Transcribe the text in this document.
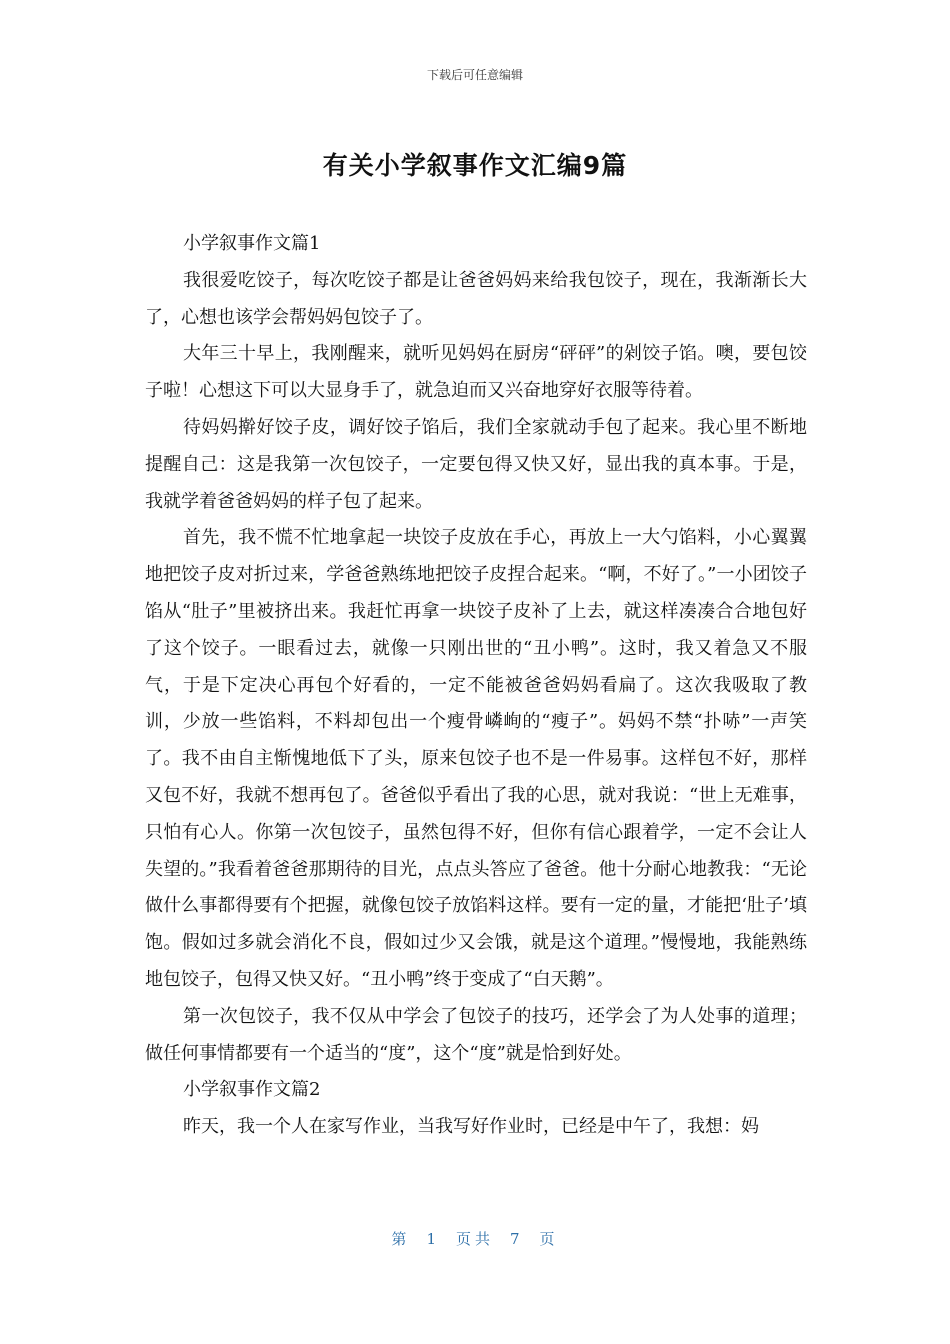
下载后可任意编辑
有关小学叙事作文汇编9篇

小学叙事作文篇1

我很爱吃饺子，每次吃饺子都是让爸爸妈妈来给我包饺子，现在，我渐渐长大了，心想也该学会帮妈妈包饺子了。

大年三十早上，我刚醒来，就听见妈妈在厨房“砰砰”的剁饺子馅。噢，要包饺子啦！心想这下可以大显身手了，就急迫而又兴奋地穿好衣服等待着。

待妈妈擀好饺子皮，调好饺子馅后，我们全家就动手包了起来。我心里不断地提醒自己：这是我第一次包饺子，一定要包得又快又好，显出我的真本事。于是，我就学着爸爸妈妈的样子包了起来。

首先，我不慌不忙地拿起一块饺子皮放在手心，再放上一大勺馅料，小心翼翼地把饺子皮对折过来，学爸爸熟练地把饺子皮捏合起来。“啊，不好了。”一小团饺子馅从“肚子”里被挤出来。我赶忙再拿一块饺子皮补了上去，就这样凑凑合合地包好了这个饺子。一眼看过去，就像一只刚出世的“丑小鸭”。这时，我又着急又不服气，于是下定决心再包个好看的，一定不能被爸爸妈妈看扁了。这次我吸取了教训，少放一些馅料，不料却包出一个瘦骨嶙峋的“瘦子”。妈妈不禁“扑哧”一声笑了。我不由自主惭愧地低下了头，原来包饺子也不是一件易事。这样包不好，那样又包不好，我就不想再包了。爸爸似乎看出了我的心思，就对我说：“世上无难事，只怕有心人。你第一次包饺子，虽然包得不好，但你有信心跟着学，一定不会让人失望的。”我看着爸爸那期待的目光，点点头答应了爸爸。他十分耐心地教我：“无论做什么事都得要有个把握，就像包饺子放馅料这样。要有一定的量，才能把‘肚子’填饱。假如过多就会消化不良，假如过少又会饿，就是这个道理。”慢慢地，我能熟练地包饺子，包得又快又好。“丑小鸭”终于变成了“白天鹅”。

第一次包饺子，我不仅从中学会了包饺子的技巧，还学会了为人处事的道理；做任何事情都要有一个适当的“度”，这个“度”就是恰到好处。

小学叙事作文篇2

昨天，我一个人在家写作业，当我写好作业时，已经是中午了，我想：妈

第 1 页共 7 页
